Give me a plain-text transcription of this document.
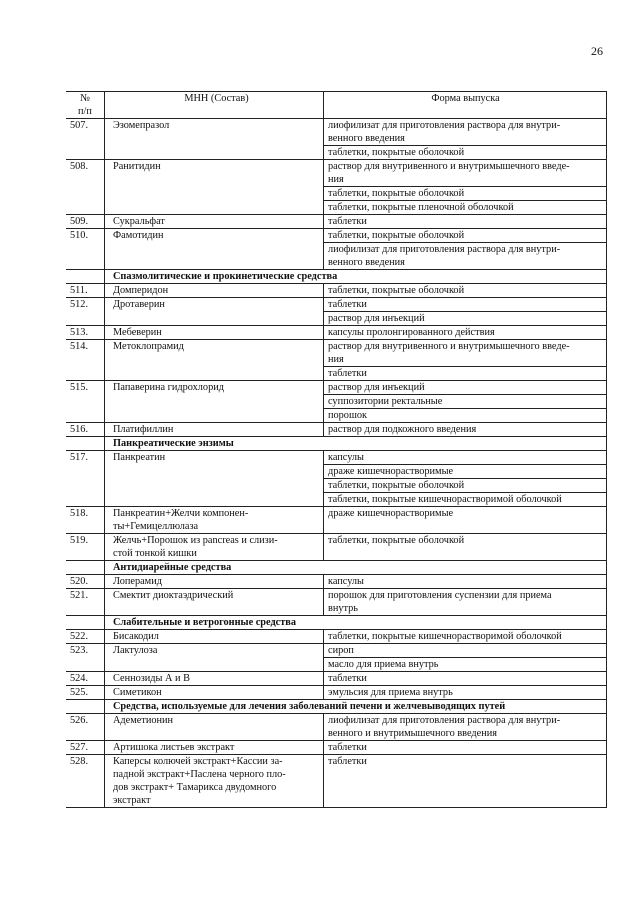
26
№
п/п	МНН (Состав)	Форма выпуска
507.	Эзомепразол	лиофилизат для приготовления раствора для внутри-
венного введения
		таблетки, покрытые оболочкой
508.	Ранитидин	раствор для внутривенного и внутримышечного введе-
ния
		таблетки, покрытые оболочкой
		таблетки, покрытые пленочной оболочкой
509.	Сукральфат	таблетки
510.	Фамотидин	таблетки, покрытые оболочкой
		лиофилизат для приготовления раствора для внутри-
венного введения
	Спазмолитические и прокинетические средства	
511.	Домперидон	таблетки, покрытые оболочкой
512.	Дротаверин	таблетки
		раствор для инъекций
513.	Мебеверин	капсулы пролонгированного действия
514.	Метоклопрамид	раствор для внутривенного и внутримышечного введе-
ния
		таблетки
515.	Папаверина гидрохлорид	раствор для инъекций
		суппозитории ректальные
		порошок
516.	Платифиллин	раствор для подкожного введения
	Панкреатические энзимы	
517.	Панкреатин	капсулы
		драже кишечнорастворимые
		таблетки, покрытые оболочкой
		таблетки, покрытые кишечнорастворимой оболочкой
518.	Панкреатин+Желчи компонен-
ты+Гемицеллюлаза	драже кишечнорастворимые
519.	Желчь+Порошок из pancreas и слизи-
стой тонкой кишки	таблетки, покрытые оболочкой
	Антидиарейные средства	
520.	Лоперамид	капсулы
521.	Смектит диоктаэдрический	порошок для приготовления суспензии для приема
внутрь
	Слабительные и ветрогонные средства	
522.	Бисакодил	таблетки, покрытые кишечнорастворимой оболочкой
523.	Лактулоза	сироп
		масло для приема внутрь
524.	Сеннозиды А и В	таблетки
525.	Симетикон	эмульсия для приема внутрь
	Средства, используемые для лечения заболеваний печени и желчевыводящих путей	
526.	Адеметионин	лиофилизат для приготовления раствора для внутри-
венного и внутримышечного введения
527.	Артишока листьев экстракт	таблетки
528.	Каперсы колючей экстракт+Кассии за-
падной экстракт+Паслена черного пло-
дов экстракт+ Тамарикса двудомного
экстракт	таблетки
